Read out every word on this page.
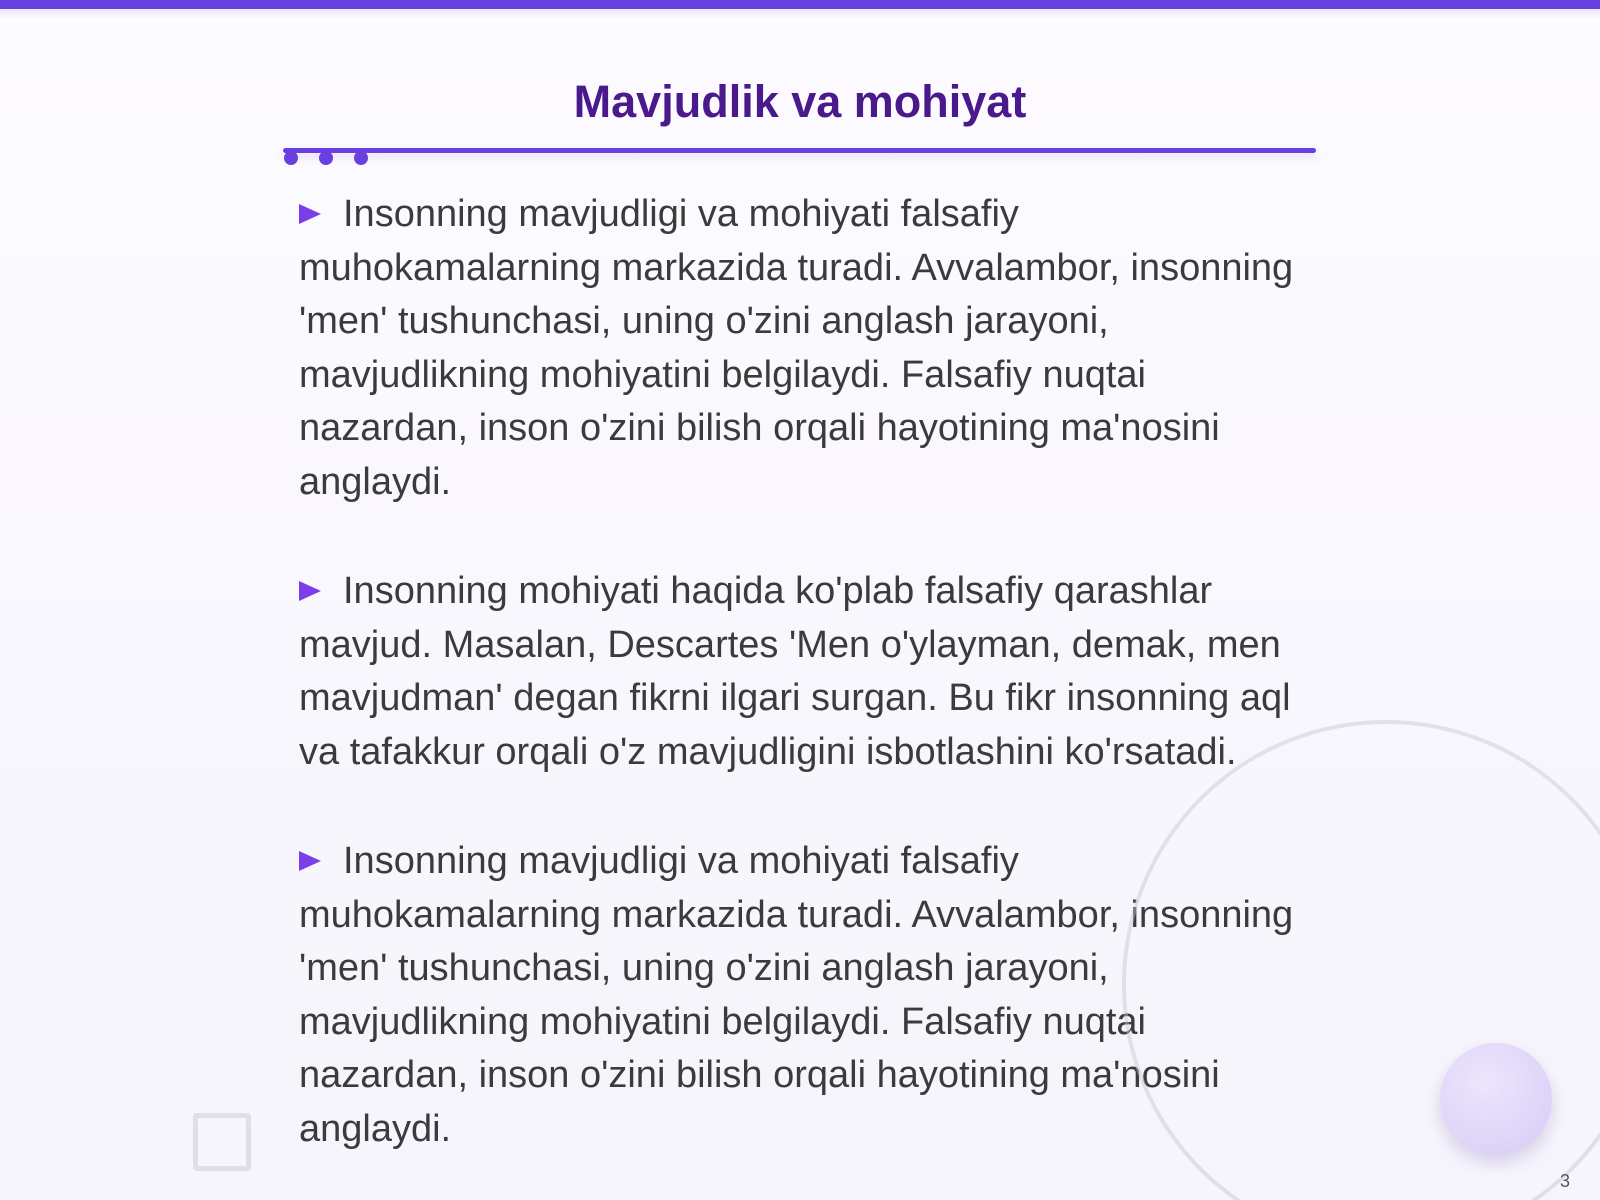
Mavjudlik va mohiyat

Insonning mavjudligi va mohiyati falsafiy muhokamalarning markazida turadi. Avvalambor, insonning 'men' tushunchasi, uning o'zini anglash jarayoni, mavjudlikning mohiyatini belgilaydi. Falsafiy nuqtai nazardan, inson o'zini bilish orqali hayotining ma'nosini anglaydi.

Insonning mohiyati haqida ko'plab falsafiy qarashlar mavjud. Masalan, Descartes 'Men o'ylayman, demak, men mavjudman' degan fikrni ilgari surgan. Bu fikr insonning aql va tafakkur orqali o'z mavjudligini isbotlashini ko'rsatadi.

Insonning mavjudligi va mohiyati falsafiy muhokamalarning markazida turadi. Avvalambor, insonning 'men' tushunchasi, uning o'zini anglash jarayoni, mavjudlikning mohiyatini belgilaydi. Falsafiy nuqtai nazardan, inson o'zini bilish orqali hayotining ma'nosini anglaydi.

3
